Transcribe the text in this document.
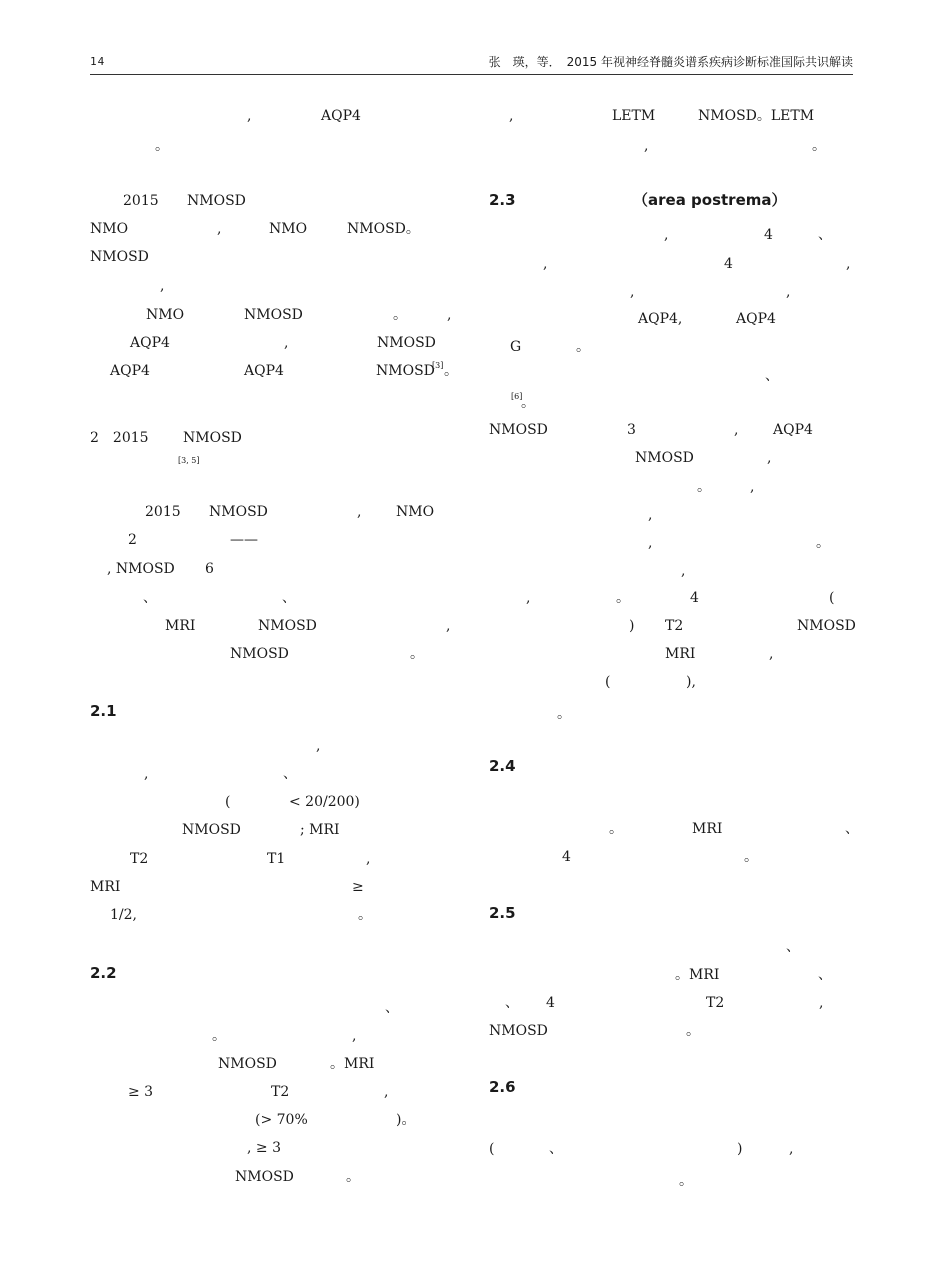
14	张　瑛，等．　2015 年视神经脊髓炎谱系疾病诊断标准国际共识解读
,	AQP4
。
2015 NMOSD
NMO	,	NMO	NMOSD。
NMOSD
,
NMO	NMOSD	。	,
AQP4	,	NMOSD
AQP4	AQP4	NMOSD
[3] 。
2　2015 NMOSD
[3, 5]
2015 NMOSD	, NMO
2	——
, NMOSD 6
、	、
MRI	NMOSD	,
NMOSD	。
2.1
,
,	、
(	< 20/200)
NMOSD	; MRI
T2	T1	,
MRI	≥
1/2,	。
2.2
、
。	,
NMOSD	。MRI
≥ 3	T2	,
(> 70%	)。
, ≥ 3
NMOSD	。
,	LETM	NMOSD。LETM
,	。
2.3	（area postrema）
,	4	、
,	4	,
,	,
AQP4,	AQP4
G	。
、
[6]
。
NMOSD	3	, AQP4
NMOSD	,
。	,
,
,	。
,
,	。	4	(
) T2	NMOSD
MRI	,
(	),
。
2.4
。	MRI	、
4	。
2.5
、
。MRI	、
、 4	T2	,
NMOSD	。
2.6
(	、	)	,
。
